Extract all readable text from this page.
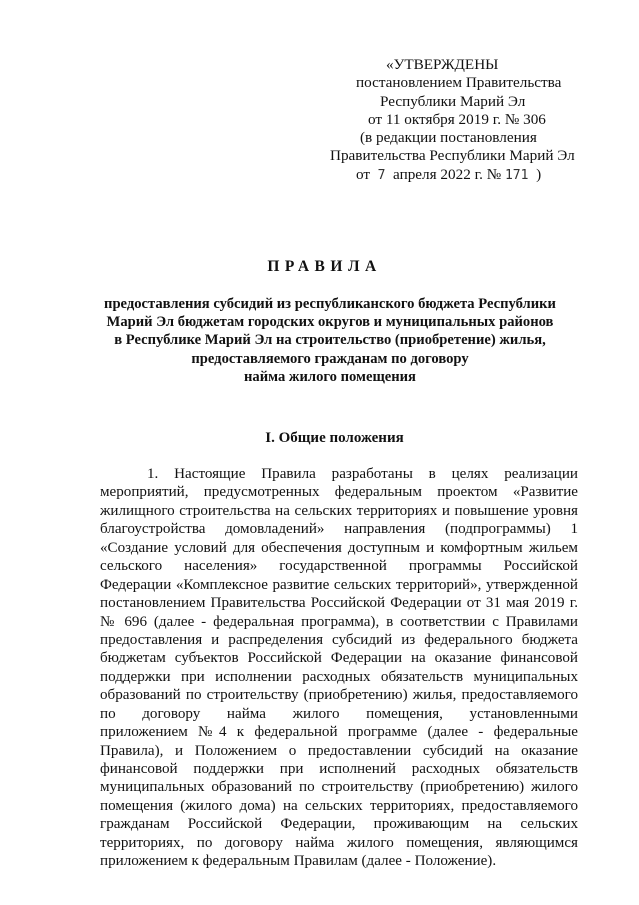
«УТВЕРЖДЕНЫ
постановлением Правительства
Республики Марий Эл
от 11 октября 2019 г. № 306
(в редакции постановления
Правительства Республики Марий Эл
от 7 апреля 2022 г. № 171 )
ПРАВИЛА
предоставления субсидий из республиканского бюджета Республики
Марий Эл бюджетам городских округов и муниципальных районов
в Республике Марий Эл на строительство (приобретение) жилья,
предоставляемого гражданам по договору
найма жилого помещения
I. Общие положения
1. Настоящие Правила разработаны в целях реализации
мероприятий, предусмотренных федеральным проектом «Развитие
жилищного строительства на сельских территориях и повышение уровня
благоустройства домовладений» направления (подпрограммы) 1
«Создание условий для обеспечения доступным и комфортным жильем
сельского населения» государственной программы Российской
Федерации «Комплексное развитие сельских территорий», утвержденной
постановлением Правительства Российской Федерации от 31 мая 2019 г.
№ 696 (далее - федеральная программа), в соответствии с Правилами
предоставления и распределения субсидий из федерального бюджета
бюджетам субъектов Российской Федерации на оказание финансовой
поддержки при исполнении расходных обязательств муниципальных
образований по строительству (приобретению) жилья, предоставляемого
по договору найма жилого помещения, установленными
приложением №4 к федеральной программе (далее - федеральные
Правила), и Положением о предоставлении субсидий на оказание
финансовой поддержки при исполнений расходных обязательств
муниципальных образований по строительству (приобретению) жилого
помещения (жилого дома) на сельских территориях, предоставляемого
гражданам Российской Федерации, проживающим на сельских
территориях, по договору найма жилого помещения, являющимся
приложением к федеральным Правилам (далее - Положение).
